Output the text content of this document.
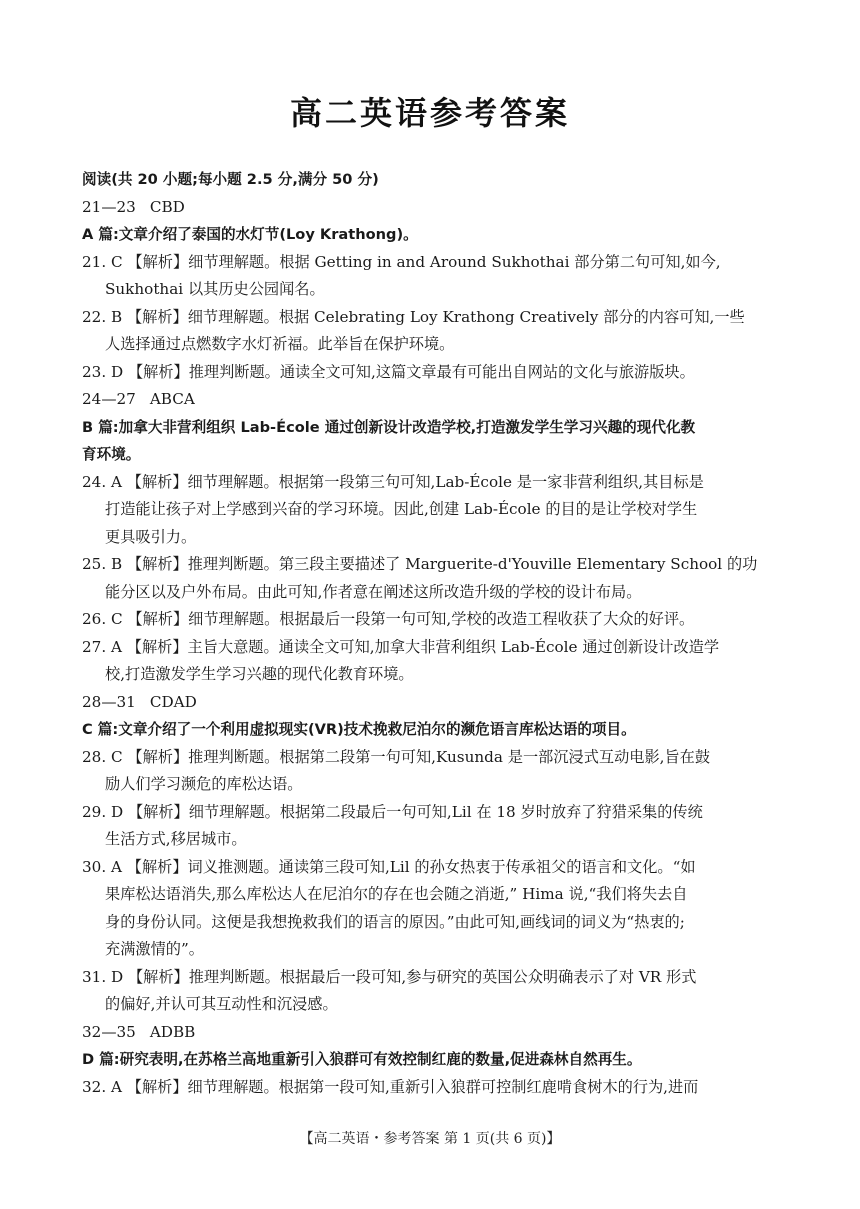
高二英语参考答案
阅读(共 20 小题;每小题 2.5 分,满分 50 分)
21—23 CBD
A 篇:文章介绍了泰国的水灯节(Loy Krathong)。
21. C 【解析】细节理解题。根据 Getting in and Around Sukhothai 部分第二句可知,如今,
Sukhothai 以其历史公园闻名。
22. B 【解析】细节理解题。根据 Celebrating Loy Krathong Creatively 部分的内容可知,一些
人选择通过点燃数字水灯祈福。此举旨在保护环境。
23. D 【解析】推理判断题。通读全文可知,这篇文章最有可能出自网站的文化与旅游版块。
24—27 ABCA
B 篇:加拿大非营利组织 Lab-École 通过创新设计改造学校,打造激发学生学习兴趣的现代化教
育环境。
24. A 【解析】细节理解题。根据第一段第三句可知,Lab-École 是一家非营利组织,其目标是
打造能让孩子对上学感到兴奋的学习环境。因此,创建 Lab-École 的目的是让学校对学生
更具吸引力。
25. B 【解析】推理判断题。第三段主要描述了 Marguerite-d'Youville Elementary School 的功
能分区以及户外布局。由此可知,作者意在阐述这所改造升级的学校的设计布局。
26. C 【解析】细节理解题。根据最后一段第一句可知,学校的改造工程收获了大众的好评。
27. A 【解析】主旨大意题。通读全文可知,加拿大非营利组织 Lab-École 通过创新设计改造学
校,打造激发学生学习兴趣的现代化教育环境。
28—31 CDAD
C 篇:文章介绍了一个利用虚拟现实(VR)技术挽救尼泊尔的濒危语言库松达语的项目。
28. C 【解析】推理判断题。根据第二段第一句可知,Kusunda 是一部沉浸式互动电影,旨在鼓
励人们学习濒危的库松达语。
29. D 【解析】细节理解题。根据第二段最后一句可知,Lil 在 18 岁时放弃了狩猎采集的传统
生活方式,移居城市。
30. A 【解析】词义推测题。通读第三段可知,Lil 的孙女热衷于传承祖父的语言和文化。“如
果库松达语消失,那么库松达人在尼泊尔的存在也会随之消逝,” Hima 说,“我们将失去自
身的身份认同。这便是我想挽救我们的语言的原因。”由此可知,画线词的词义为“热衷的;
充满激情的”。
31. D 【解析】推理判断题。根据最后一段可知,参与研究的英国公众明确表示了对 VR 形式
的偏好,并认可其互动性和沉浸感。
32—35 ADBB
D 篇:研究表明,在苏格兰高地重新引入狼群可有效控制红鹿的数量,促进森林自然再生。
32. A 【解析】细节理解题。根据第一段可知,重新引入狼群可控制红鹿啃食树木的行为,进而
【高二英语・参考答案 第 1 页(共 6 页)】
